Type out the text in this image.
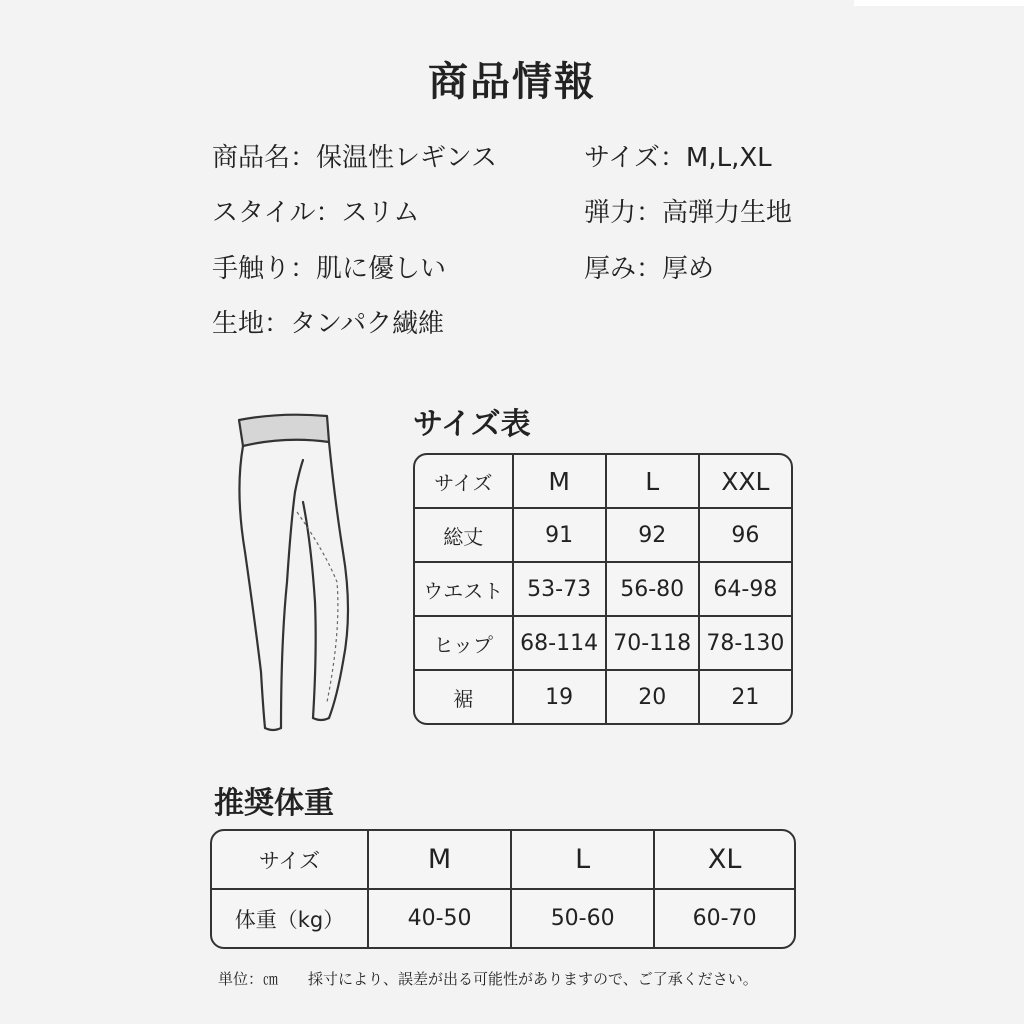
商品情報
商品名：保温性レギンス	サイズ：M,L,XL
スタイル：スリム	弾力：高弾力生地
手触り：肌に優しい	厚み：厚め
生地：タンパク繊維
サイズ表
サイズ	M	L	XXL
総丈	91	92	96
ウエスト	53-73	56-80	64-98
ヒップ	68-114	70-118	78-130
裾	19	20	21
推奨体重
サイズ	M	L	XL
体重（kg）	40-50	50-60	60-70
単位：㎝ 採寸により、誤差が出る可能性がありますので、ご了承ください。
